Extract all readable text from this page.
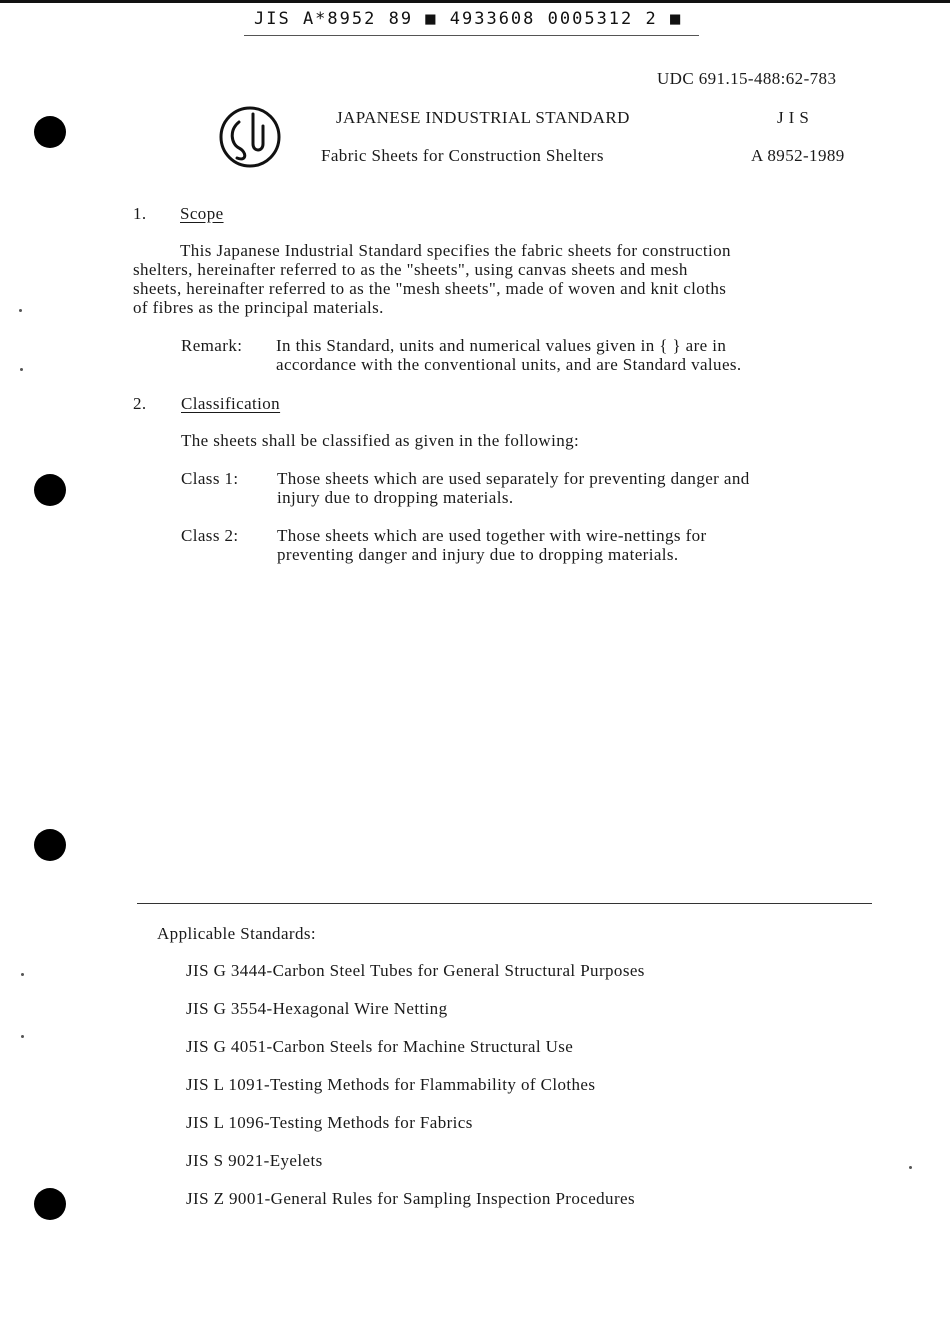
JIS A*8952 89 ■ 4933608 0005312 2 ■
UDC 691.15-488:62-783
JAPANESE INDUSTRIAL STANDARD	J I S
Fabric Sheets for Construction Shelters	A 8952-1989
1. Scope
This Japanese Industrial Standard specifies the fabric sheets for construction
shelters, hereinafter referred to as the "sheets", using canvas sheets and mesh
sheets, hereinafter referred to as the "mesh sheets", made of woven and knit cloths
of fibres as the principal materials.
Remark: In this Standard, units and numerical values given in { } are in
accordance with the conventional units, and are Standard values.
2. Classification
The sheets shall be classified as given in the following:
Class 1: Those sheets which are used separately for preventing danger and
injury due to dropping materials.
Class 2: Those sheets which are used together with wire-nettings for
preventing danger and injury due to dropping materials.
Applicable Standards:
JIS G 3444-Carbon Steel Tubes for General Structural Purposes
JIS G 3554-Hexagonal Wire Netting
JIS G 4051-Carbon Steels for Machine Structural Use
JIS L 1091-Testing Methods for Flammability of Clothes
JIS L 1096-Testing Methods for Fabrics
JIS S 9021-Eyelets
JIS Z 9001-General Rules for Sampling Inspection Procedures
